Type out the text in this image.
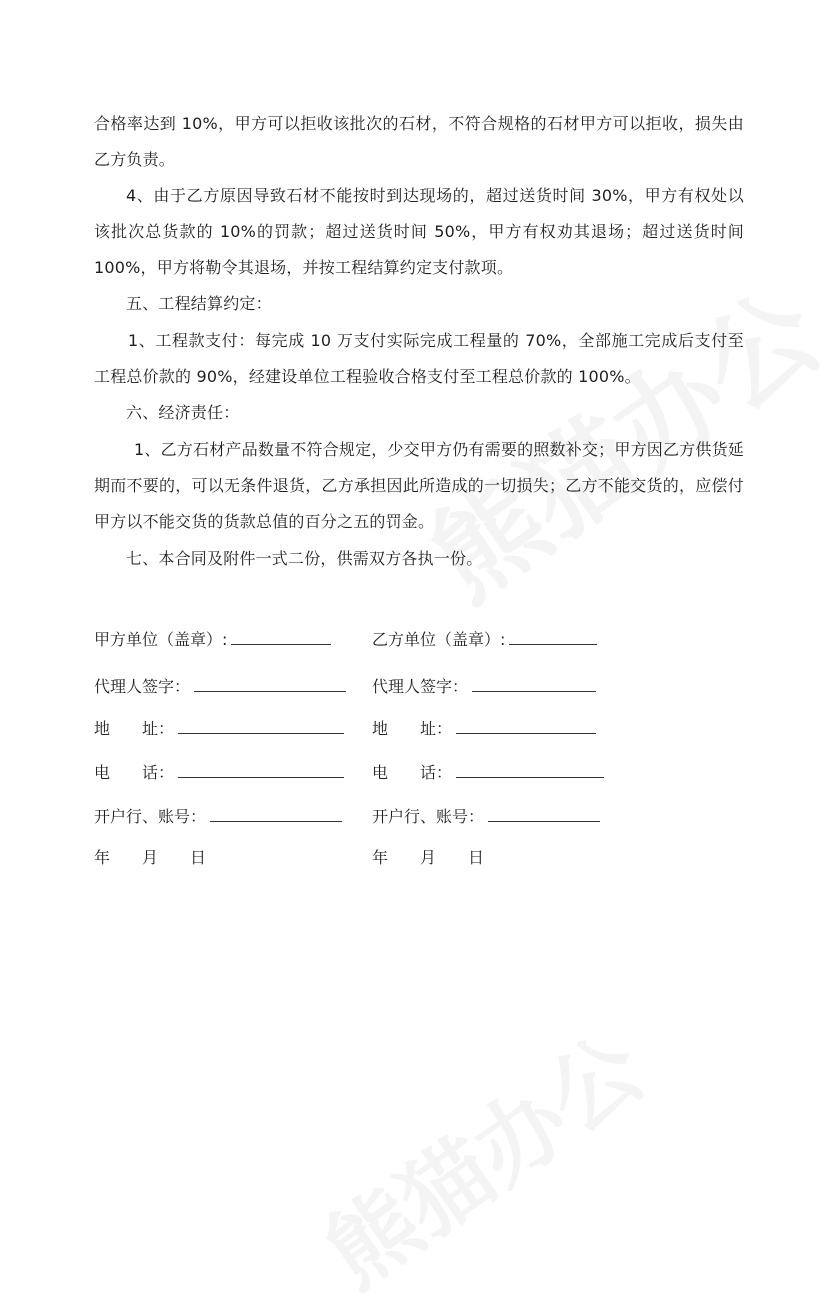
合格率达到 10%，甲方可以拒收该批次的石材，不符合规格的石材甲方可以拒收，损失由乙方负责。

4、由于乙方原因导致石材不能按时到达现场的，超过送货时间 30%，甲方有权处以该批次总货款的 10%的罚款；超过送货时间 50%，甲方有权劝其退场；超过送货时间 100%，甲方将勒令其退场，并按工程结算约定支付款项。

五、工程结算约定：

1、工程款支付：每完成 10 万支付实际完成工程量的 70%，全部施工完成后支付至工程总价款的 90%，经建设单位工程验收合格支付至工程总价款的 100%。

六、经济责任：

1、乙方石材产品数量不符合规定，少交甲方仍有需要的照数补交；甲方因乙方供货延期而不要的，可以无条件退货，乙方承担因此所造成的一切损失；乙方不能交货的，应偿付甲方以不能交货的货款总值的百分之五的罚金。

七、本合同及附件一式二份，供需双方各执一份。

甲方单位（盖章）:
代理人签字：
地　　址：
电　　话：
开户行、账号：
年　　月　　日
乙方单位（盖章）:
代理人签字：
地　　址：
电　　话：
开户行、账号：
年　　月　　日
